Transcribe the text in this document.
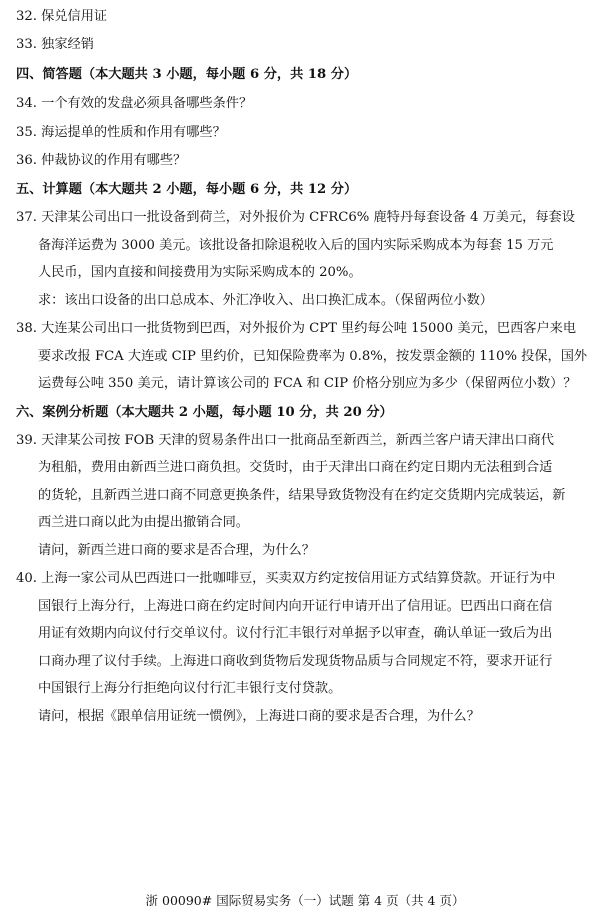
32. 保兑信用证
33. 独家经销
四、简答题（本大题共 3 小题，每小题 6 分，共 18 分）
34. 一个有效的发盘必须具备哪些条件？
35. 海运提单的性质和作用有哪些？
36. 仲裁协议的作用有哪些？
五、计算题（本大题共 2 小题，每小题 6 分，共 12 分）
37. 天津某公司出口一批设备到荷兰，对外报价为 CFRC6% 鹿特丹每套设备 4 万美元，每套设
备海洋运费为 3000 美元。该批设备扣除退税收入后的国内实际采购成本为每套 15 万元
人民币，国内直接和间接费用为实际采购成本的 20%。
求：该出口设备的出口总成本、外汇净收入、出口换汇成本。（保留两位小数）
38. 大连某公司出口一批货物到巴西，对外报价为 CPT 里约每公吨 15000 美元，巴西客户来电
要求改报 FCA 大连或 CIP 里约价，已知保险费率为 0.8%，按发票金额的 110% 投保，国外
运费每公吨 350 美元，请计算该公司的 FCA 和 CIP 价格分别应为多少（保留两位小数）？
六、案例分析题（本大题共 2 小题，每小题 10 分，共 20 分）
39. 天津某公司按 FOB 天津的贸易条件出口一批商品至新西兰，新西兰客户请天津出口商代
为租船，费用由新西兰进口商负担。交货时，由于天津出口商在约定日期内无法租到合适
的货轮，且新西兰进口商不同意更换条件，结果导致货物没有在约定交货期内完成装运，新
西兰进口商以此为由提出撤销合同。
请问，新西兰进口商的要求是否合理，为什么？
40. 上海一家公司从巴西进口一批咖啡豆，买卖双方约定按信用证方式结算贷款。开证行为中
国银行上海分行，上海进口商在约定时间内向开证行申请开出了信用证。巴西出口商在信
用证有效期内向议付行交单议付。议付行汇丰银行对单据予以审查，确认单证一致后为出
口商办理了议付手续。上海进口商收到货物后发现货物品质与合同规定不符，要求开证行
中国银行上海分行拒绝向议付行汇丰银行支付贷款。
请问，根据《跟单信用证统一惯例》，上海进口商的要求是否合理，为什么？
浙 00090# 国际贸易实务（一）试题 第 4 页（共 4 页）
